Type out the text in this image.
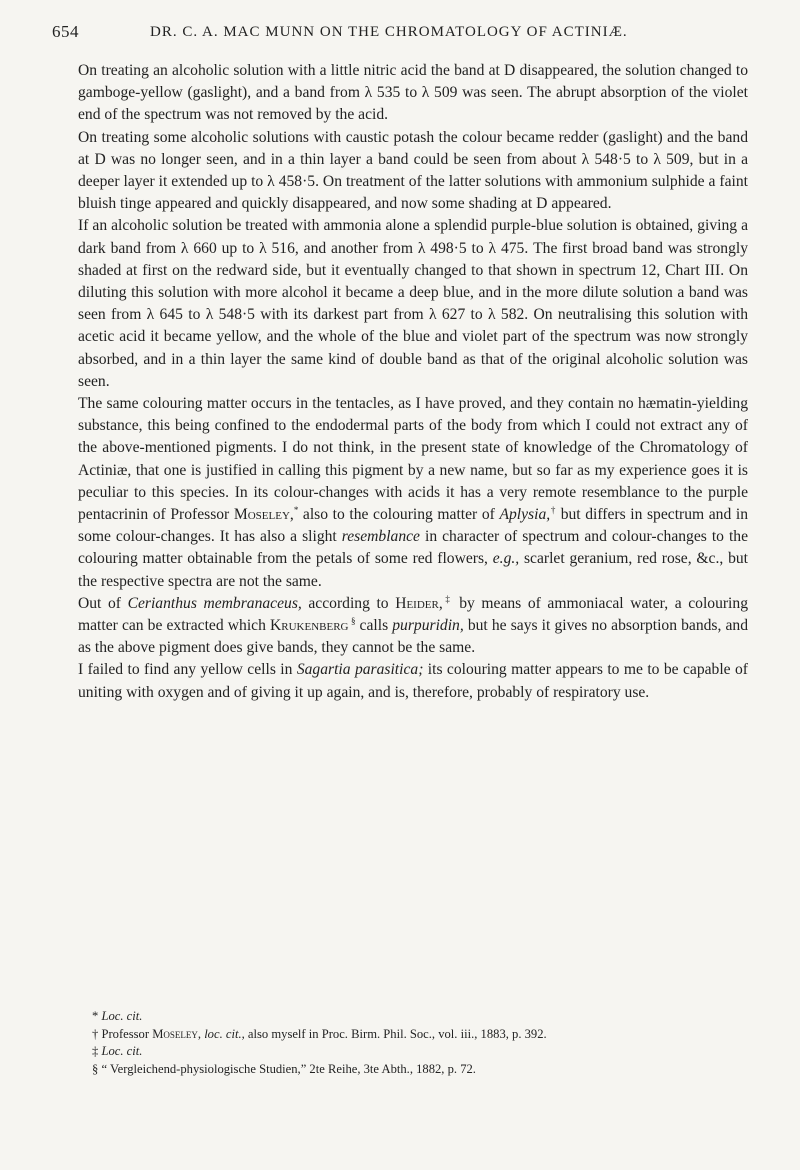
654	DR. C. A. MAC MUNN ON THE CHROMATOLOGY OF ACTINIÆ.

On treating an alcoholic solution with a little nitric acid the band at D disappeared, the solution changed to gamboge-yellow (gaslight), and a band from λ 535 to λ 509 was seen. The abrupt absorption of the violet end of the spectrum was not removed by the acid.

On treating some alcoholic solutions with caustic potash the colour became redder (gaslight) and the band at D was no longer seen, and in a thin layer a band could be seen from about λ 548·5 to λ 509, but in a deeper layer it extended up to λ 458·5. On treatment of the latter solutions with ammonium sulphide a faint bluish tinge appeared and quickly disappeared, and now some shading at D appeared.

If an alcoholic solution be treated with ammonia alone a splendid purple-blue solution is obtained, giving a dark band from λ 660 up to λ 516, and another from λ 498·5 to λ 475. The first broad band was strongly shaded at first on the redward side, but it eventually changed to that shown in spectrum 12, Chart III. On diluting this solution with more alcohol it became a deep blue, and in the more dilute solution a band was seen from λ 645 to λ 548·5 with its darkest part from λ 627 to λ 582. On neutralising this solution with acetic acid it became yellow, and the whole of the blue and violet part of the spectrum was now strongly absorbed, and in a thin layer the same kind of double band as that of the original alcoholic solution was seen.

The same colouring matter occurs in the tentacles, as I have proved, and they contain no hæmatin-yielding substance, this being confined to the endodermal parts of the body from which I could not extract any of the above-mentioned pigments. I do not think, in the present state of knowledge of the Chromatology of Actiniæ, that one is justified in calling this pigment by a new name, but so far as my experience goes it is peculiar to this species. In its colour-changes with acids it has a very remote resemblance to the purple pentacrinin of Professor Moseley,* also to the colouring matter of Aplysia,† but differs in spectrum and in some colour-changes. It has also a slight resemblance in character of spectrum and colour-changes to the colouring matter obtainable from the petals of some red flowers, e.g., scarlet geranium, red rose, &c., but the respective spectra are not the same.

Out of Cerianthus membranaceus, according to Heider,‡ by means of ammoniacal water, a colouring matter can be extracted which Krukenberg § calls purpuridin, but he says it gives no absorption bands, and as the above pigment does give bands, they cannot be the same.

I failed to find any yellow cells in Sagartia parasitica; its colouring matter appears to me to be capable of uniting with oxygen and of giving it up again, and is, therefore, probably of respiratory use.

* Loc. cit.

† Professor Moseley, loc. cit., also myself in Proc. Birm. Phil. Soc., vol. iii., 1883, p. 392.

‡ Loc. cit.

§ “ Vergleichend-physiologische Studien,” 2te Reihe, 3te Abth., 1882, p. 72.
